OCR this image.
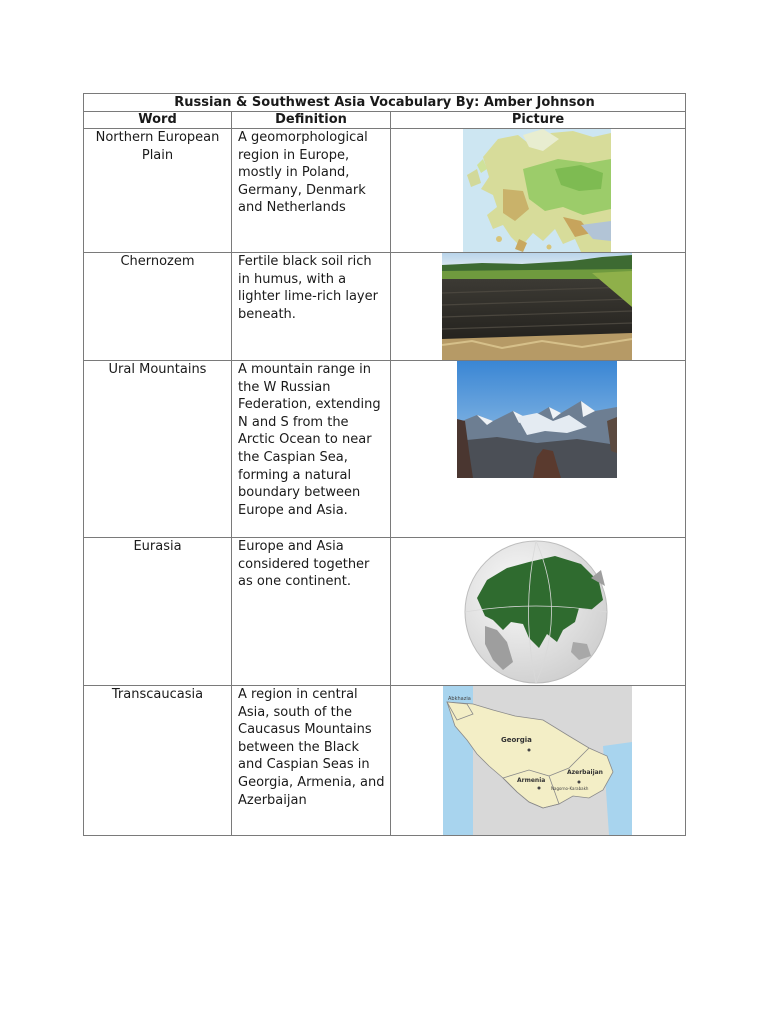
Russian & Southwest Asia Vocabulary By: Amber Johnson		
Word	Definition	Picture
Northern European Plain	A geomorphological region in Europe, mostly in Poland, Germany, Denmark and Netherlands	

Chernozem	Fertile black soil rich in humus, with a lighter lime-rich layer beneath.	

Ural Mountains	A mountain range in the W Russian Federation, extending N and S from the Arctic Ocean to near the Caspian Sea, forming a natural boundary between Europe and Asia.	

Eurasia	Europe and Asia considered together as one continent.	

Transcaucasia	A region in central Asia, south of the Caucasus Mountains between the Black and Caspian Seas in Georgia, Armenia, and Azerbaijan	Abkhazia
Georgia
Armenia
Azerbaijan
Nagorno-Karabakh
